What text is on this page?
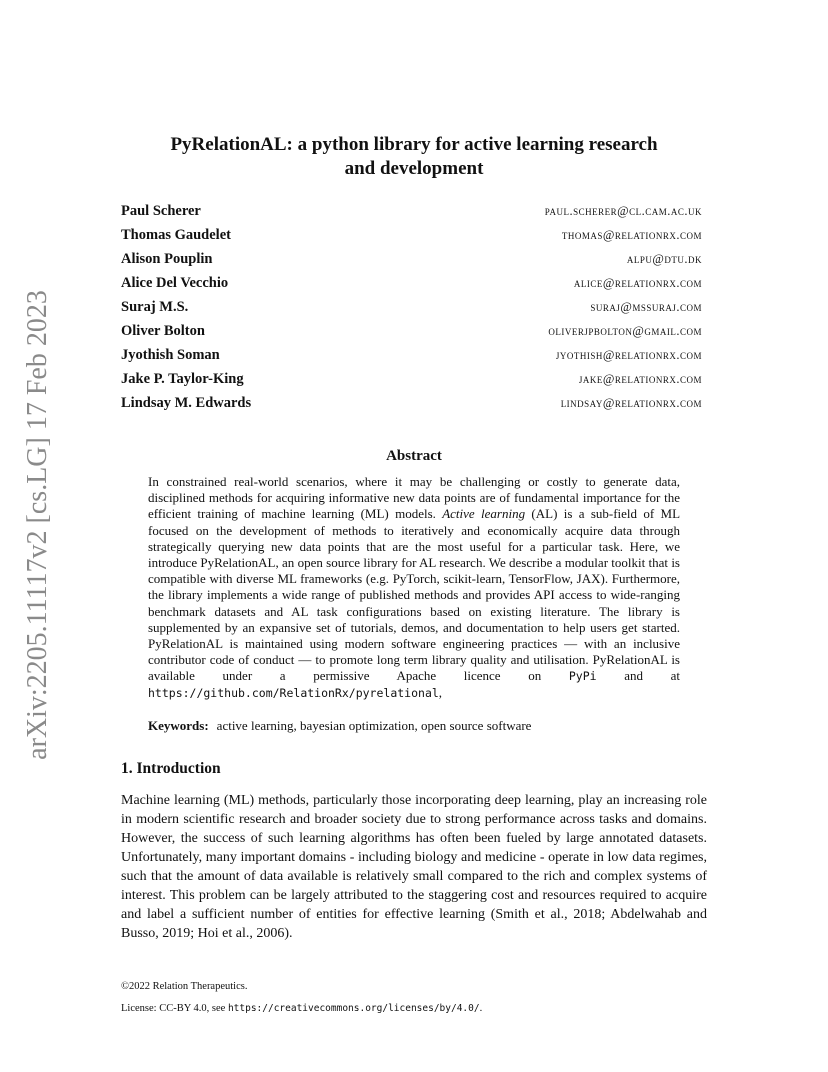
arXiv:2205.11117v2 [cs.LG] 17 Feb 2023
PyRelationAL: a python library for active learning research
and development
Paul Scherer	paul.scherer@cl.cam.ac.uk
Thomas Gaudelet	thomas@relationrx.com
Alison Pouplin	alpu@dtu.dk
Alice Del Vecchio	alice@relationrx.com
Suraj M.S.	suraj@mssuraj.com
Oliver Bolton	oliverjpbolton@gmail.com
Jyothish Soman	jyothish@relationrx.com
Jake P. Taylor-King	jake@relationrx.com
Lindsay M. Edwards	lindsay@relationrx.com
Abstract

In constrained real-world scenarios, where it may be challenging or costly to generate data, disciplined methods for acquiring informative new data points are of fundamental importance for the efficient training of machine learning (ML) models. Active learning (AL) is a sub-field of ML focused on the development of methods to iteratively and economically acquire data through strategically querying new data points that are the most useful for a particular task. Here, we introduce PyRelationAL, an open source library for AL research. We describe a modular toolkit that is compatible with diverse ML frameworks (e.g. PyTorch, scikit-learn, TensorFlow, JAX). Furthermore, the library implements a wide range of published methods and provides API access to wide-ranging benchmark datasets and AL task configurations based on existing literature. The library is supplemented by an expansive set of tutorials, demos, and documentation to help users get started. PyRelationAL is maintained using modern software engineering practices — with an inclusive contributor code of conduct — to promote long term library quality and utilisation. PyRelationAL is available under a permissive Apache licence on PyPi and at https://github.com/RelationRx/pyrelational,

Keywords: active learning, bayesian optimization, open source software
1. Introduction

Machine learning (ML) methods, particularly those incorporating deep learning, play an increasing role in modern scientific research and broader society due to strong performance across tasks and domains. However, the success of such learning algorithms has often been fueled by large annotated datasets. Unfortunately, many important domains - including biology and medicine - operate in low data regimes, such that the amount of data available is relatively small compared to the rich and complex systems of interest. This problem can be largely attributed to the staggering cost and resources required to acquire and label a sufficient number of entities for effective learning (Smith et al., 2018; Abdelwahab and Busso, 2019; Hoi et al., 2006).

©2022 Relation Therapeutics.
License: CC-BY 4.0, see https://creativecommons.org/licenses/by/4.0/.
